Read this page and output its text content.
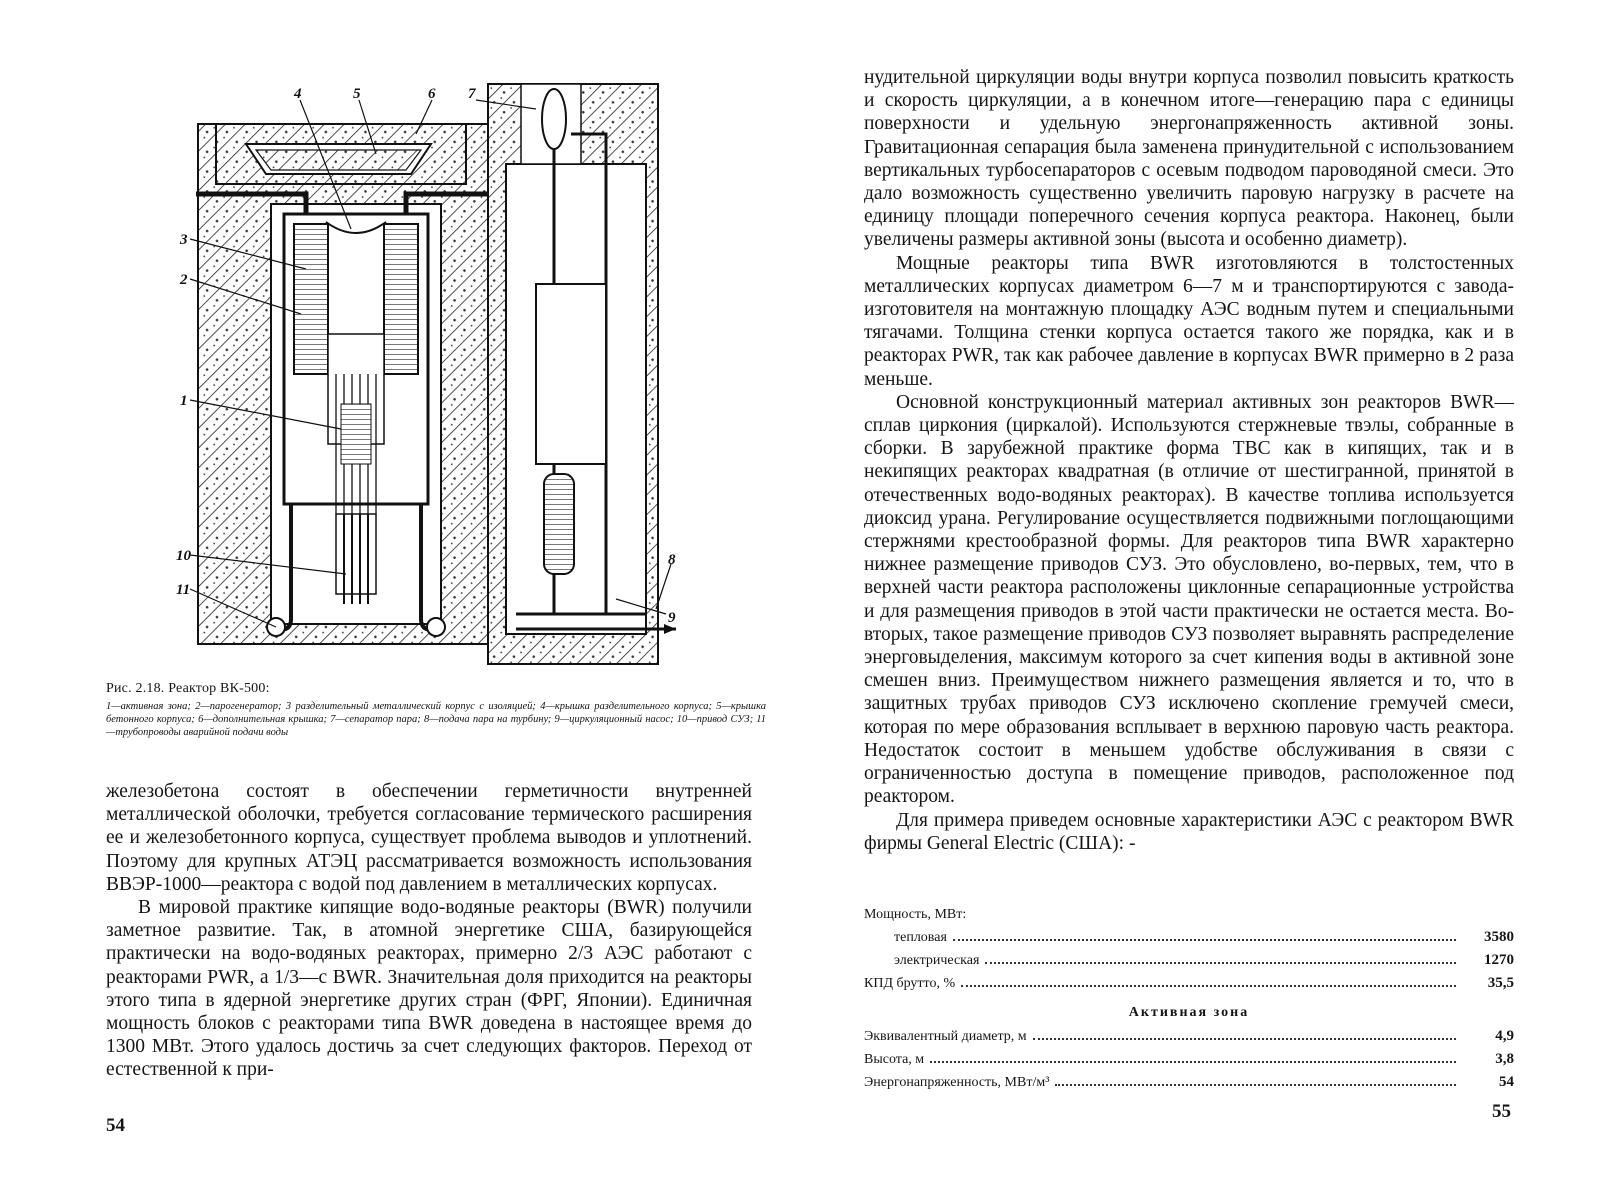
1
2
3
4	5	6 7
8
9
10
11
Рис. 2.18. Реактор ВК-500:
1—активная зона; 2—парогенератор; 3 разделительный металлический корпус с изоляцией; 4—крышка разделительного корпуса; 5—крышка бетонного корпуса; 6—дополнительная крышка; 7—сепаратор пара; 8—подача пара на турбину; 9—циркуляционный насос; 10—привод СУЗ; 11—трубопроводы аварийной подачи воды

железобетона состоят в обеспечении герметичности внутренней металлической оболочки, требуется согласование термического расширения ее и железобетонного корпуса, существует проблема выводов и уплотнений. Поэтому для крупных АТЭЦ рассматривается возможность использования ВВЭР-1000—реактора с водой под давлением в металлических корпусах.

В мировой практике кипящие водо-водяные реакторы (BWR) получили заметное развитие. Так, в атомной энергетике США, базирующейся практически на водо-водяных реакторах, примерно 2/3 АЭС работают с реакторами PWR, а 1/3—с BWR. Значительная доля приходится на реакторы этого типа в ядерной энергетике других стран (ФРГ, Японии). Единичная мощность блоков с реакторами типа BWR доведена в настоящее время до 1300 МВт. Этого удалось достичь за счет следующих факторов. Переход от естественной к при-

54

нудительной циркуляции воды внутри корпуса позволил повысить краткость и скорость циркуляции, а в конечном итоге—генерацию пара с единицы поверхности и удельную энергонапряженность активной зоны. Гравитационная сепарация была заменена принудительной с использованием вертикальных турбосепараторов с осевым подводом пароводяной смеси. Это дало возможность существенно увеличить паровую нагрузку в расчете на единицу площади поперечного сечения корпуса реактора. Наконец, были увеличены размеры активной зоны (высота и особенно диаметр).

Мощные реакторы типа BWR изготовляются в толстостенных металлических корпусах диаметром 6—7 м и транспортируются с завода-изготовителя на монтажную площадку АЭС водным путем и специальными тягачами. Толщина стенки корпуса остается такого же порядка, как и в реакторах PWR, так как рабочее давление в корпусах BWR примерно в 2 раза меньше.

Основной конструкционный материал активных зон реакторов BWR—сплав циркония (циркалой). Используются стержневые твэлы, собранные в сборки. В зарубежной практике форма ТВС как в кипящих, так и в некипящих реакторах квадратная (в отличие от шестигранной, принятой в отечественных водо-водяных реакторах). В качестве топлива используется диоксид урана. Регулирование осуществляется подвижными поглощающими стержнями крестообразной формы. Для реакторов типа BWR характерно нижнее размещение приводов СУЗ. Это обусловлено, во-первых, тем, что в верхней части реактора расположены циклонные сепарационные устройства и для размещения приводов в этой части практически не остается места. Во-вторых, такое размещение приводов СУЗ позволяет выравнять распределение энерговыделения, максимум которого за счет кипения воды в активной зоне смешен вниз. Преимуществом нижнего размещения является и то, что в защитных трубах приводов СУЗ исключено скопление гремучей смеси, которая по мере образования всплывает в верхнюю паровую часть реактора. Недостаток состоит в меньшем удобстве обслуживания в связи с ограниченностью доступа в помещение приводов, расположенное под реактором.

Для примера приведем основные характеристики АЭС с реактором BWR фирмы General Electric (США): -

Мощность, МВт:
тепловая	3580
электрическая	1270
КПД брутто, %	35,5
Активная зона
Эквивалентный диаметр, м	4,9
Высота, м	3,8
Энергонапряженность, МВт/м³	54
55
